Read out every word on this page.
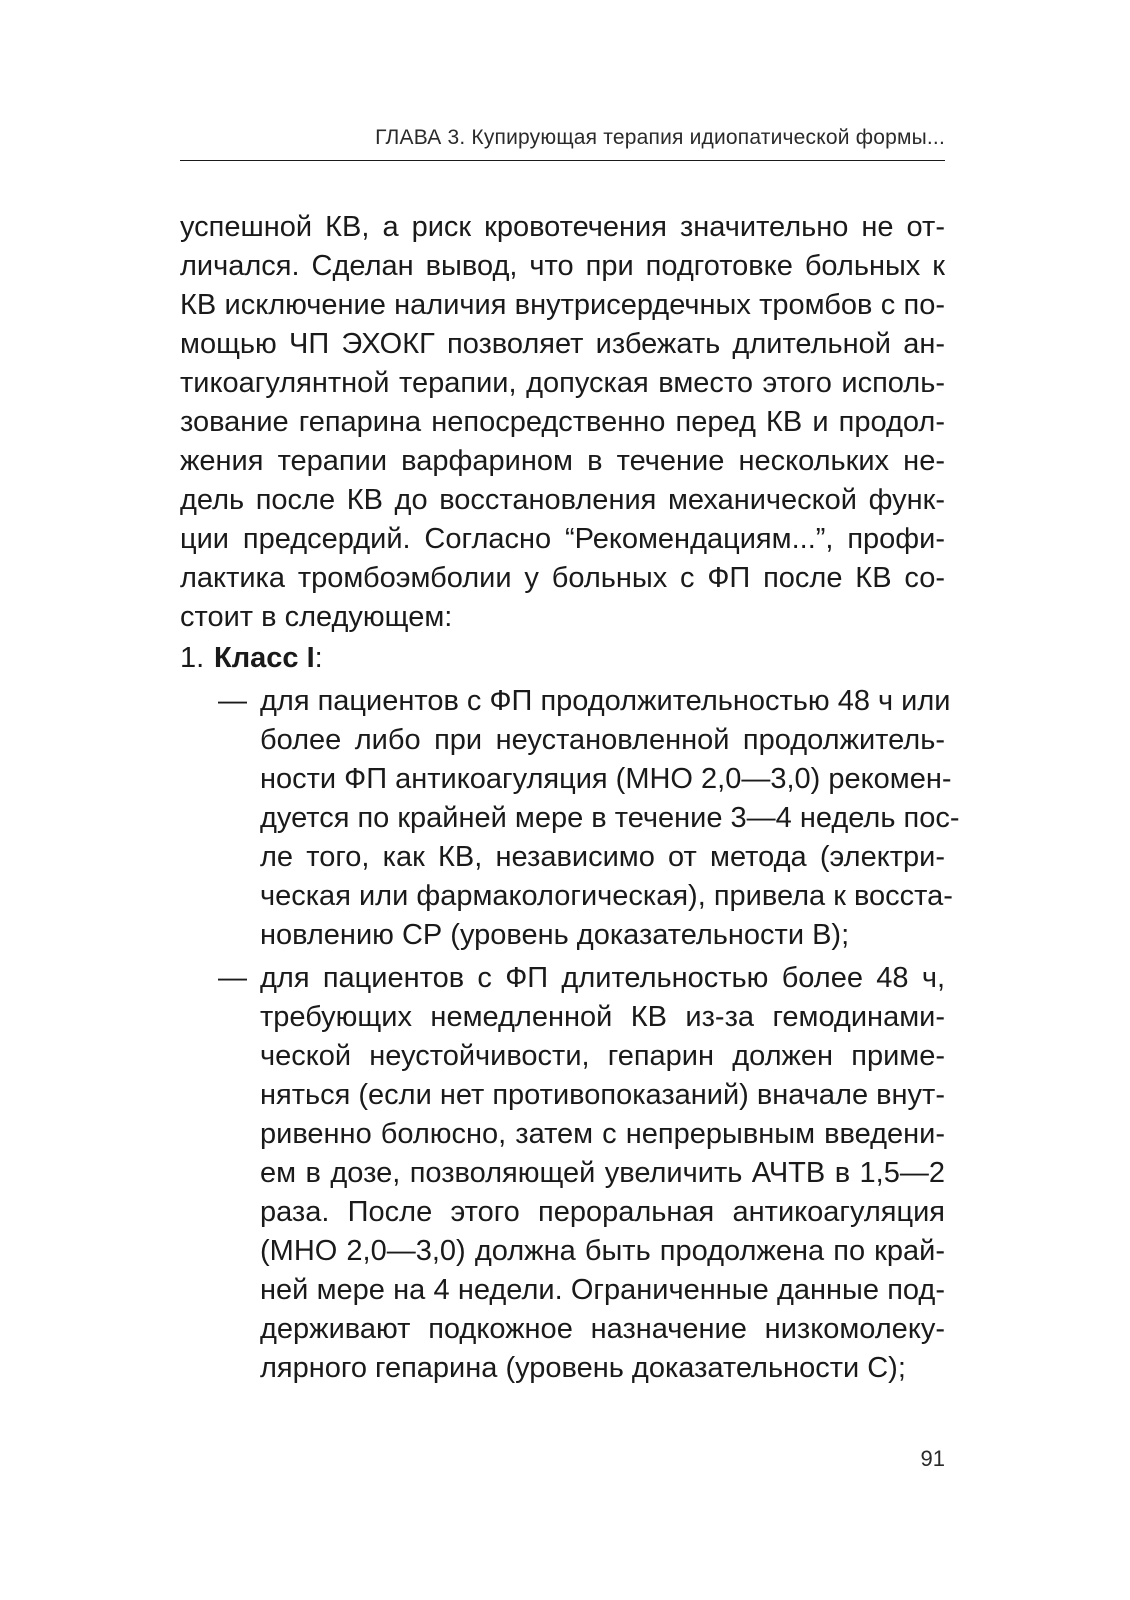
ГЛАВА 3. Купирующая терапия идиопатической формы...
успешной КВ, а риск кровотечения значительно не от-
личался. Сделан вывод, что при подготовке больных к
КВ исключение наличия внутрисердечных тромбов с по-
мощью ЧП ЭХОКГ позволяет избежать длительной ан-
тикоагулянтной терапии, допуская вместо этого исполь-
зование гепарина непосредственно перед КВ и продол-
жения терапии варфарином в течение нескольких не-
дель после КВ до восстановления механической функ-
ции предсердий. Согласно “Рекомендациям...”, профи-
лактика тромбоэмболии у больных с ФП после КВ со-
стоит в следующем:
1. Класс I:
— для пациентов с ФП продолжительностью 48 ч или
более либо при неустановленной продолжитель-
ности ФП антикоагуляция (МНО 2,0—3,0) рекомен-
дуется по крайней мере в течение 3—4 недель пос-
ле того, как КВ, независимо от метода (электри-
ческая или фармакологическая), привела к восста-
новлению СР (уровень доказательности B);
— для пациентов с ФП длительностью более 48 ч,
требующих немедленной КВ из-за гемодинами-
ческой неустойчивости, гепарин должен приме-
няться (если нет противопоказаний) вначале внут-
ривенно болюсно, затем с непрерывным введени-
ем в дозе, позволяющей увеличить АЧТВ в 1,5—2
раза. После этого пероральная антикоагуляция
(МНО 2,0—3,0) должна быть продолжена по край-
ней мере на 4 недели. Ограниченные данные под-
держивают подкожное назначение низкомолеку-
лярного гепарина (уровень доказательности С);
91
